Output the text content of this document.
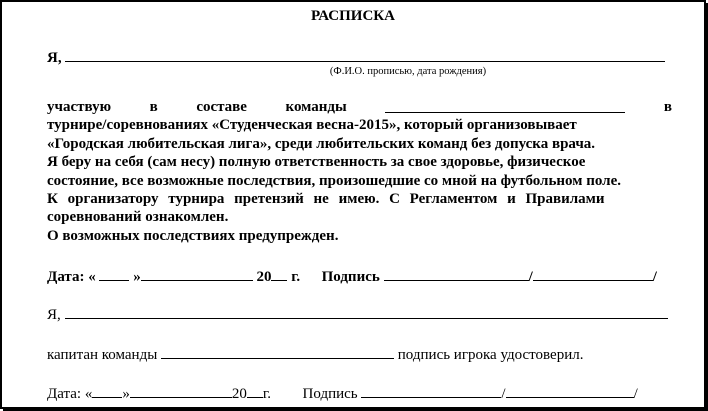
РАСПИСКА
Я,
(Ф.И.О. прописью, дата рождения)
участвую	в	составе	команды	в
турнире/соревнованиях «Студенческая весна-2015», который организовывает
«Городская любительская лига», среди любительских команд без допуска врача.
Я беру на себя (сам несу) полную ответственность за свое здоровье, физическое
состояние, все возможные последствия, произошедшие со мной на футбольном поле.
К организатору турнира претензий не имею. С Регламентом и Правилами
соревнований ознакомлен.
О возможных последствиях предупрежден.
Дата: «	»	20 г. Подпись	/	/
Я,
капитан команды	подпись игрока удостоверил.
Дата: « »	20 г. Подпись	/	/
